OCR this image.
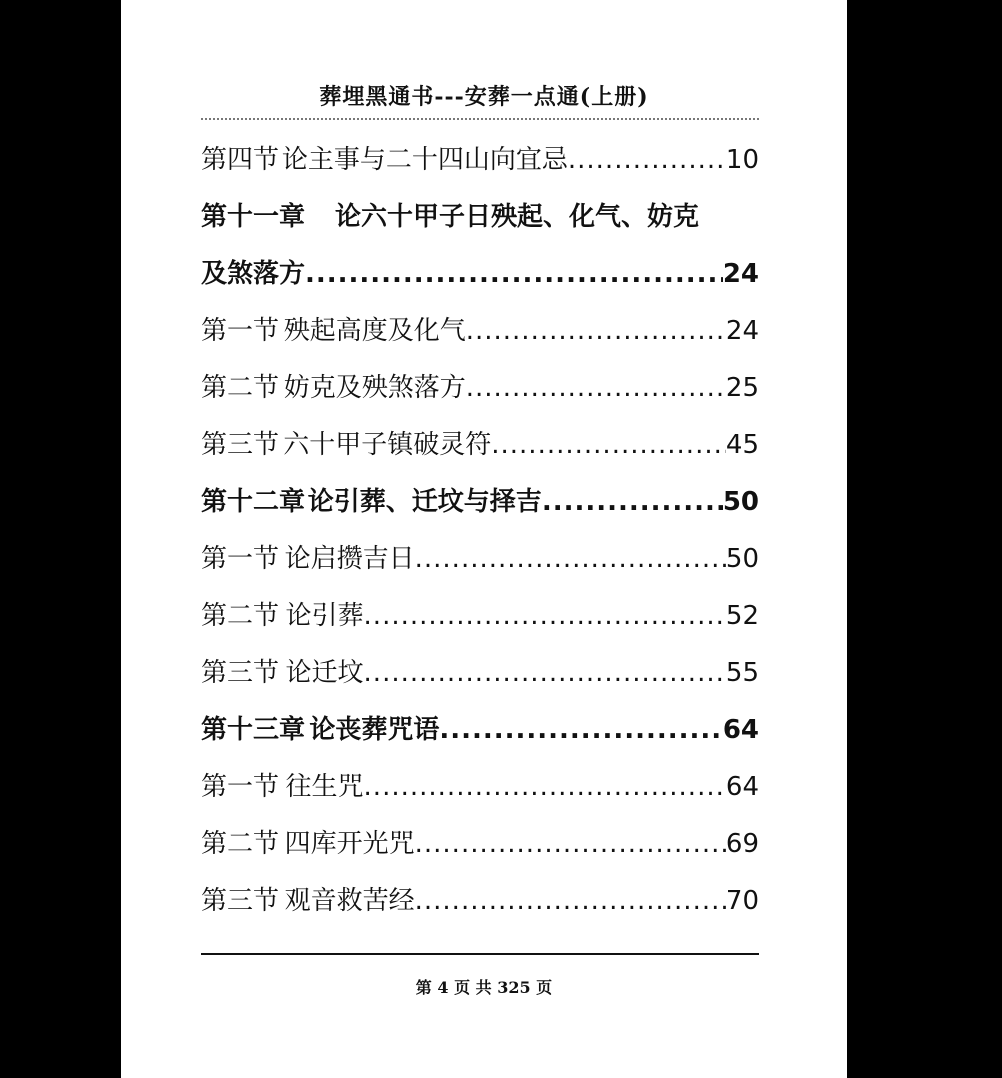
葬埋黑通书---安葬一点通(上册)
第四节 论主事与二十四山向宜忌 .....	10
第十一章 论六十甲子日殃起、化气、妨克
及煞落方 .....	24
第一节 殃起高度及化气 .....	24
第二节 妨克及殃煞落方 .....	25
第三节 六十甲子镇破灵符 .....	45
第十二章 论引葬、迁坟与择吉 .....	50
第一节 论启攒吉日 .....	50
第二节 论引葬 .....	52
第三节 论迁坟 .....	55
第十三章 论丧葬咒语 .....	64
第一节 往生咒 .....	64
第二节 四库开光咒 .....	69
第三节 观音救苦经 .....	70
第 4 页 共 325 页
